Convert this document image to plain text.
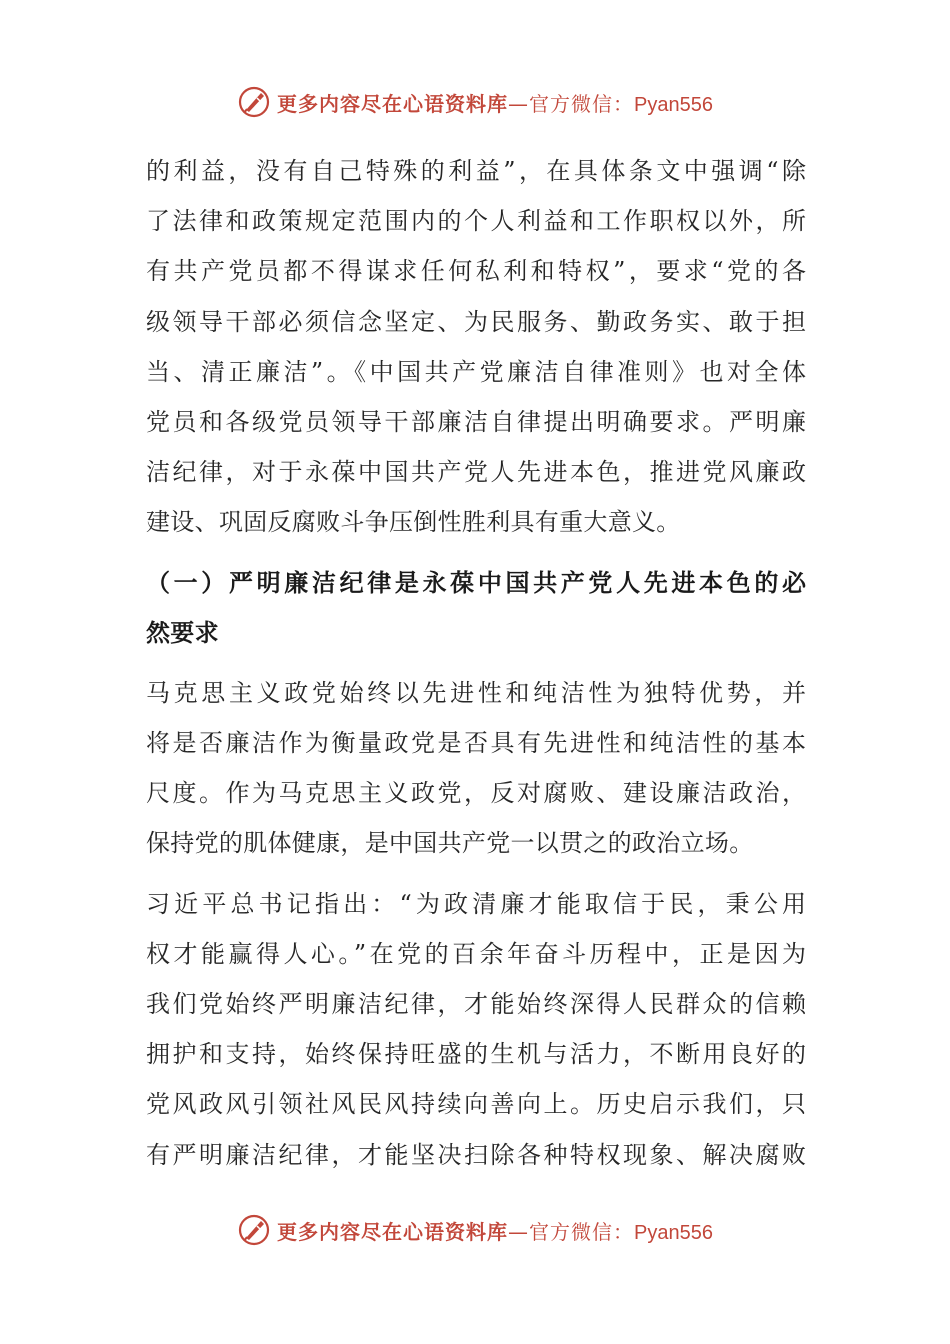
更多内容尽在心语资料库—官方微信：Pyan556
的利益，没有自己特殊的利益”，在具体条文中强调“除
了法律和政策规定范围内的个人利益和工作职权以外，所
有共产党员都不得谋求任何私利和特权”，要求“党的各
级领导干部必须信念坚定、为民服务、勤政务实、敢于担
当、清正廉洁”。《中国共产党廉洁自律准则》也对全体
党员和各级党员领导干部廉洁自律提出明确要求。严明廉
洁纪律，对于永葆中国共产党人先进本色，推进党风廉政
建设、巩固反腐败斗争压倒性胜利具有重大意义。
（一）严明廉洁纪律是永葆中国共产党人先进本色的必
然要求
马克思主义政党始终以先进性和纯洁性为独特优势，并
将是否廉洁作为衡量政党是否具有先进性和纯洁性的基本
尺度。作为马克思主义政党，反对腐败、建设廉洁政治，
保持党的肌体健康，是中国共产党一以贯之的政治立场。
习近平总书记指出：“为政清廉才能取信于民，秉公用
权才能赢得人心。”在党的百余年奋斗历程中，正是因为
我们党始终严明廉洁纪律，才能始终深得人民群众的信赖
拥护和支持，始终保持旺盛的生机与活力，不断用良好的
党风政风引领社风民风持续向善向上。历史启示我们，只
有严明廉洁纪律，才能坚决扫除各种特权现象、解决腐败
更多内容尽在心语资料库—官方微信：Pyan556
